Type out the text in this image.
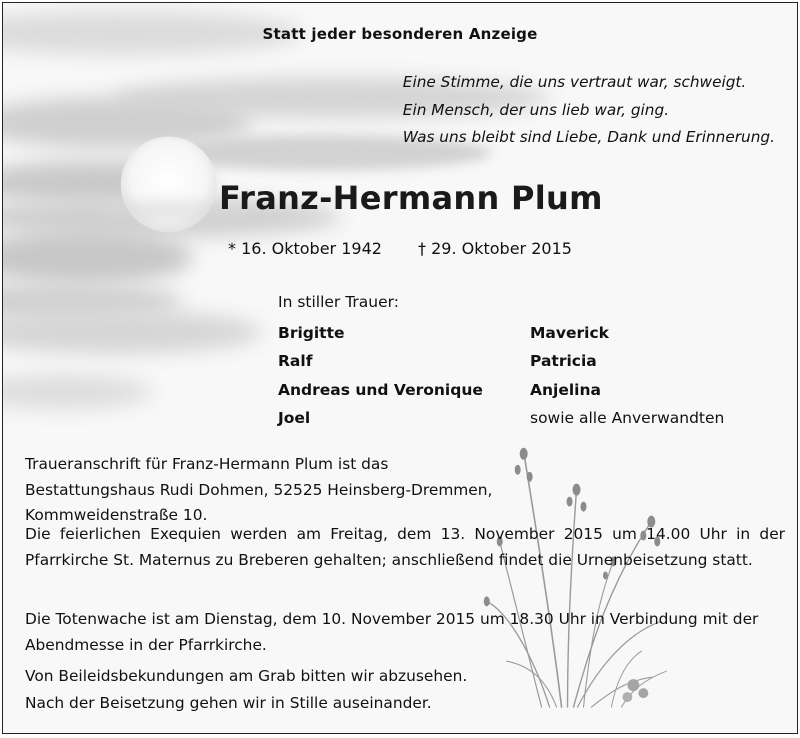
Statt jeder besonderen Anzeige
Eine Stimme, die uns vertraut war, schweigt.
Ein Mensch, der uns lieb war, ging.
Was uns bleibt sind Liebe, Dank und Erinnerung.
Franz-Hermann Plum
* 16. Oktober 1942 † 29. Oktober 2015
In stiller Trauer:
Brigitte
Ralf
Andreas und Veronique
Joel
Maverick
Patricia
Anjelina
sowie alle Anverwandten
Traueranschrift für Franz-Hermann Plum ist das Bestattungshaus Rudi Dohmen, 52525 Heinsberg-Dremmen, Kommweidenstraße 10.
Die feierlichen Exequien werden am Freitag, dem 13. November 2015 um 14.00 Uhr in der Pfarrkirche St. Maternus zu Breberen gehalten; anschließend findet die Urnenbeisetzung statt.
Die Totenwache ist am Dienstag, dem 10. November 2015 um 18.30 Uhr in Verbindung mit der Abendmesse in der Pfarrkirche.
Von Beileidsbekundungen am Grab bitten wir abzusehen.
Nach der Beisetzung gehen wir in Stille auseinander.
